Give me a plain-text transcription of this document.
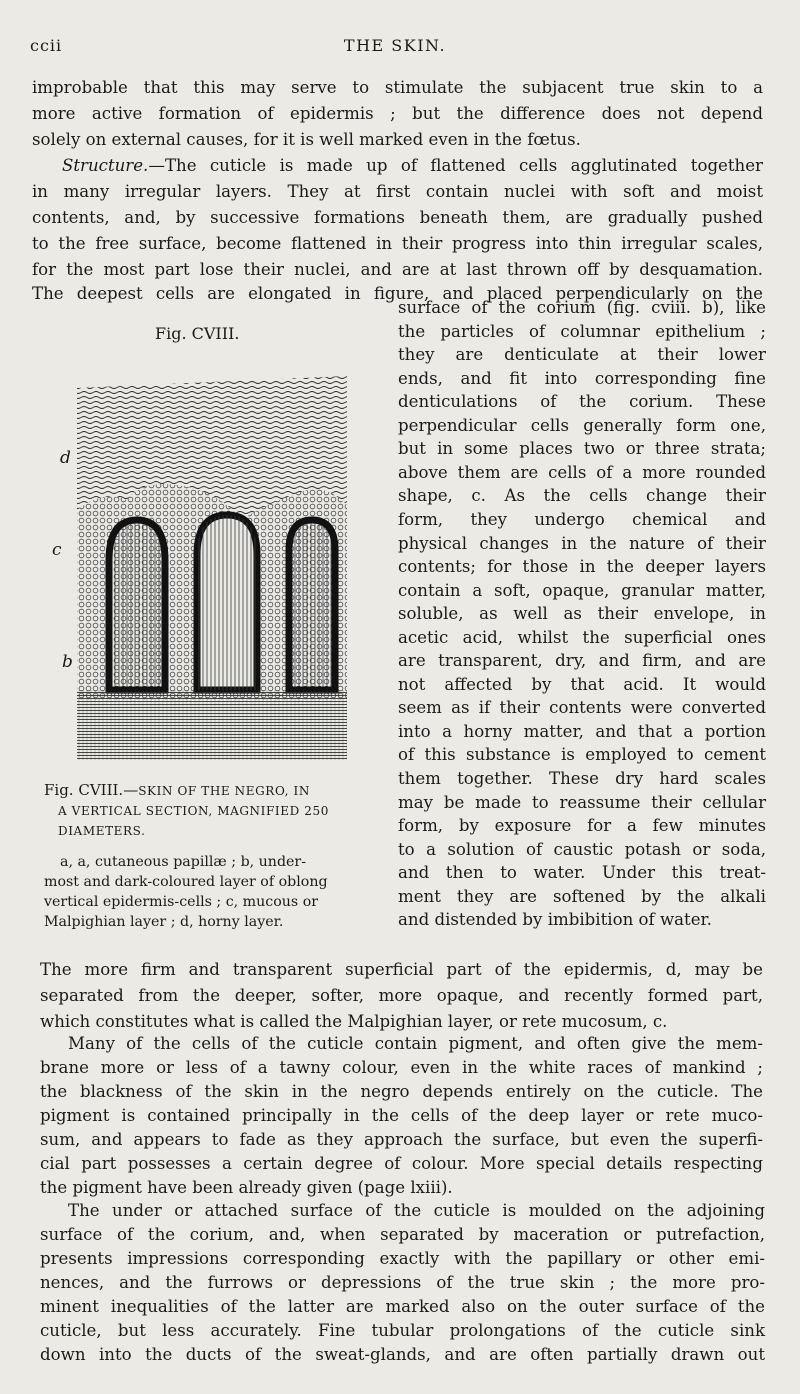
ccii	THE SKIN.
improbable that this may serve to stimulate the subjacent true skin to a
more active formation of epidermis ; but the difference does not depend
solely on external causes, for it is well marked even in the fœtus.
Structure.—The cuticle is made up of flattened cells agglutinated together
in many irregular layers. They at first contain nuclei with soft and moist
contents, and, by successive formations beneath them, are gradually pushed
to the free surface, become flattened in their progress into thin irregular scales,
for the most part lose their nuclei, and are at last thrown off by desquamation.
The deepest cells are elongated in figure, and placed perpendicularly on the
surface of the corium (fig. cviii. b), like
the particles of columnar epithelium ;
they are denticulate at their lower
ends, and fit into corresponding fine
denticulations of the corium. These
perpendicular cells generally form one,
but in some places two or three strata;
above them are cells of a more rounded
shape, c. As the cells change their
form, they undergo chemical and
physical changes in the nature of their
contents; for those in the deeper layers
contain a soft, opaque, granular matter,
soluble, as well as their envelope, in
acetic acid, whilst the superficial ones
are transparent, dry, and firm, and are
not affected by that acid. It would
seem as if their contents were converted
into a horny matter, and that a portion
of this substance is employed to cement
them together. These dry hard scales
may be made to reassume their cellular
form, by exposure for a few minutes
to a solution of caustic potash or soda,
and then to water. Under this treat-
ment they are softened by the alkali
and distended by imbibition of water.
Fig. CVIII.
d
c
b
Fig. CVIII.—SKIN OF THE NEGRO, IN
A VERTICAL SECTION, MAGNIFIED 250
DIAMETERS.
a, a, cutaneous papillæ ; b, under-
most and dark-coloured layer of oblong
vertical epidermis-cells ; c, mucous or
Malpighian layer ; d, horny layer.
The more firm and transparent superficial part of the epidermis, d, may be
separated from the deeper, softer, more opaque, and recently formed part,
which constitutes what is called the Malpighian layer, or rete mucosum, c.
Many of the cells of the cuticle contain pigment, and often give the mem-
brane more or less of a tawny colour, even in the white races of mankind ;
the blackness of the skin in the negro depends entirely on the cuticle. The
pigment is contained principally in the cells of the deep layer or rete muco-
sum, and appears to fade as they approach the surface, but even the superfi-
cial part possesses a certain degree of colour. More special details respecting
the pigment have been already given (page lxiii).
The under or attached surface of the cuticle is moulded on the adjoining
surface of the corium, and, when separated by maceration or putrefaction,
presents impressions corresponding exactly with the papillary or other emi-
nences, and the furrows or depressions of the true skin ; the more pro-
minent inequalities of the latter are marked also on the outer surface of the
cuticle, but less accurately. Fine tubular prolongations of the cuticle sink
down into the ducts of the sweat-glands, and are often partially drawn out
